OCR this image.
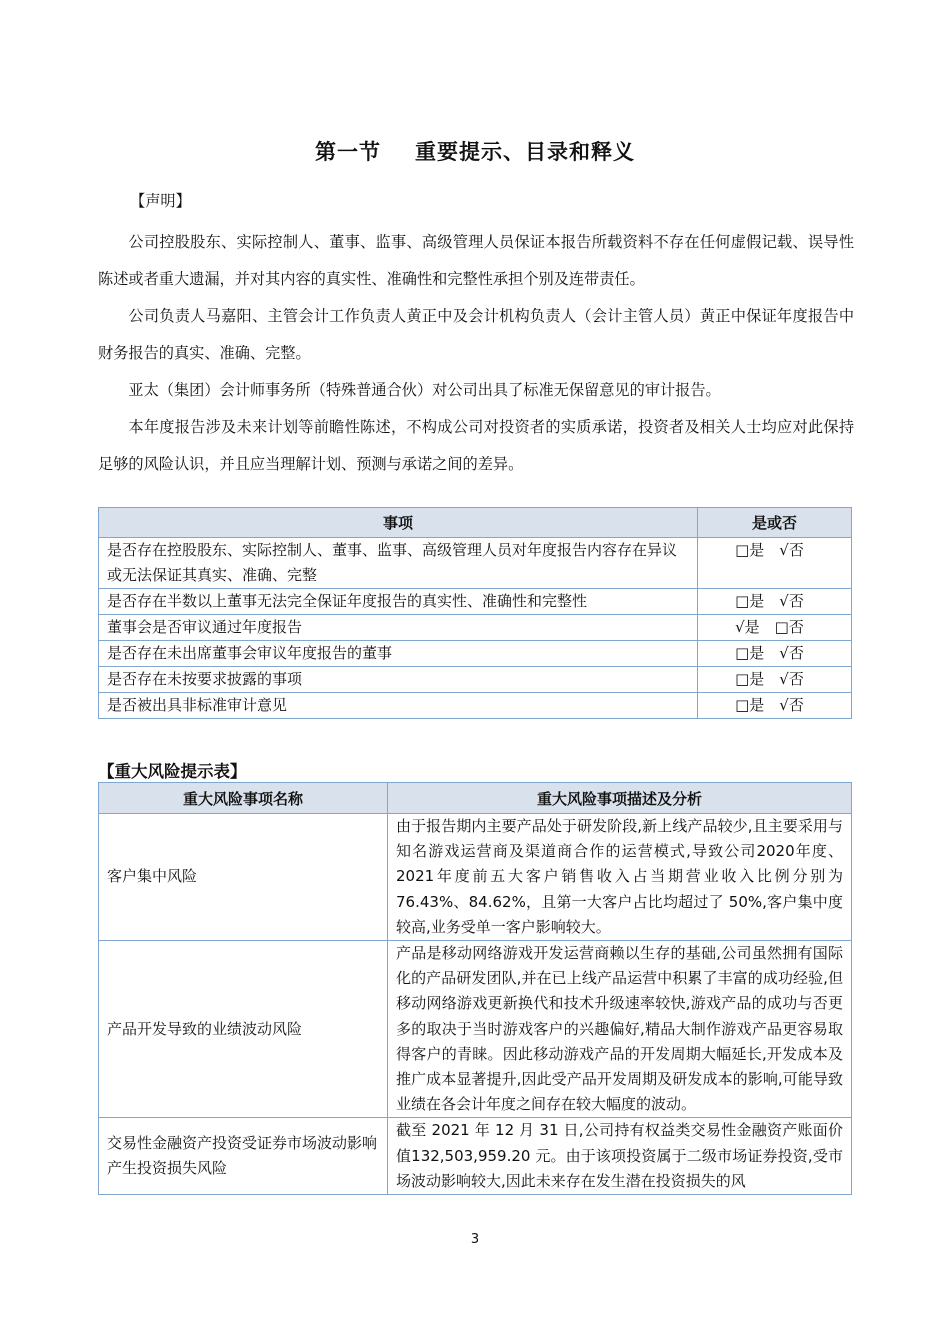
第一节 重要提示、目录和释义
【声明】

公司控股股东、实际控制人、董事、监事、高级管理人员保证本报告所载资料不存在任何虚假记载、误导性陈述或者重大遗漏，并对其内容的真实性、准确性和完整性承担个别及连带责任。

公司负责人马嘉阳、主管会计工作负责人黄正中及会计机构负责人（会计主管人员）黄正中保证年度报告中财务报告的真实、准确、完整。

亚太（集团）会计师事务所（特殊普通合伙）对公司出具了标准无保留意见的审计报告。

本年度报告涉及未来计划等前瞻性陈述，不构成公司对投资者的实质承诺，投资者及相关人士均应对此保持足够的风险认识，并且应当理解计划、预测与承诺之间的差异。

事项	是或否
是否存在控股股东、实际控制人、董事、监事、高级管理人员对年度报告内容存在异议或无法保证其真实、准确、完整	□是　√否
是否存在半数以上董事无法完全保证年度报告的真实性、准确性和完整性	□是　√否
董事会是否审议通过年度报告	√是　□否
是否存在未出席董事会审议年度报告的董事	□是　√否
是否存在未按要求披露的事项	□是　√否
是否被出具非标准审计意见	□是　√否
【重大风险提示表】
重大风险事项名称	重大风险事项描述及分析
客户集中风险	由于报告期内主要产品处于研发阶段,新上线产品较少,且主要采用与知名游戏运营商及渠道商合作的运营模式,导致公司2020年度、2021年度前五大客户销售收入占当期营业收入比例分别为 76.43%、84.62%，且第一大客户占比均超过了 50%,客户集中度较高,业务受单一客户影响较大。
产品开发导致的业绩波动风险	产品是移动网络游戏开发运营商赖以生存的基础,公司虽然拥有国际化的产品研发团队,并在已上线产品运营中积累了丰富的成功经验,但移动网络游戏更新换代和技术升级速率较快,游戏产品的成功与否更多的取决于当时游戏客户的兴趣偏好,精品大制作游戏产品更容易取得客户的青睐。因此移动游戏产品的开发周期大幅延长,开发成本及推广成本显著提升,因此受产品开发周期及研发成本的影响,可能导致业绩在各会计年度之间存在较大幅度的波动。
交易性金融资产投资受证券市场波动影响产生投资损失风险	截至 2021 年 12 月 31 日,公司持有权益类交易性金融资产账面价值132,503,959.20 元。由于该项投资属于二级市场证券投资,受市场波动影响较大,因此未来存在发生潜在投资损失的风
3
